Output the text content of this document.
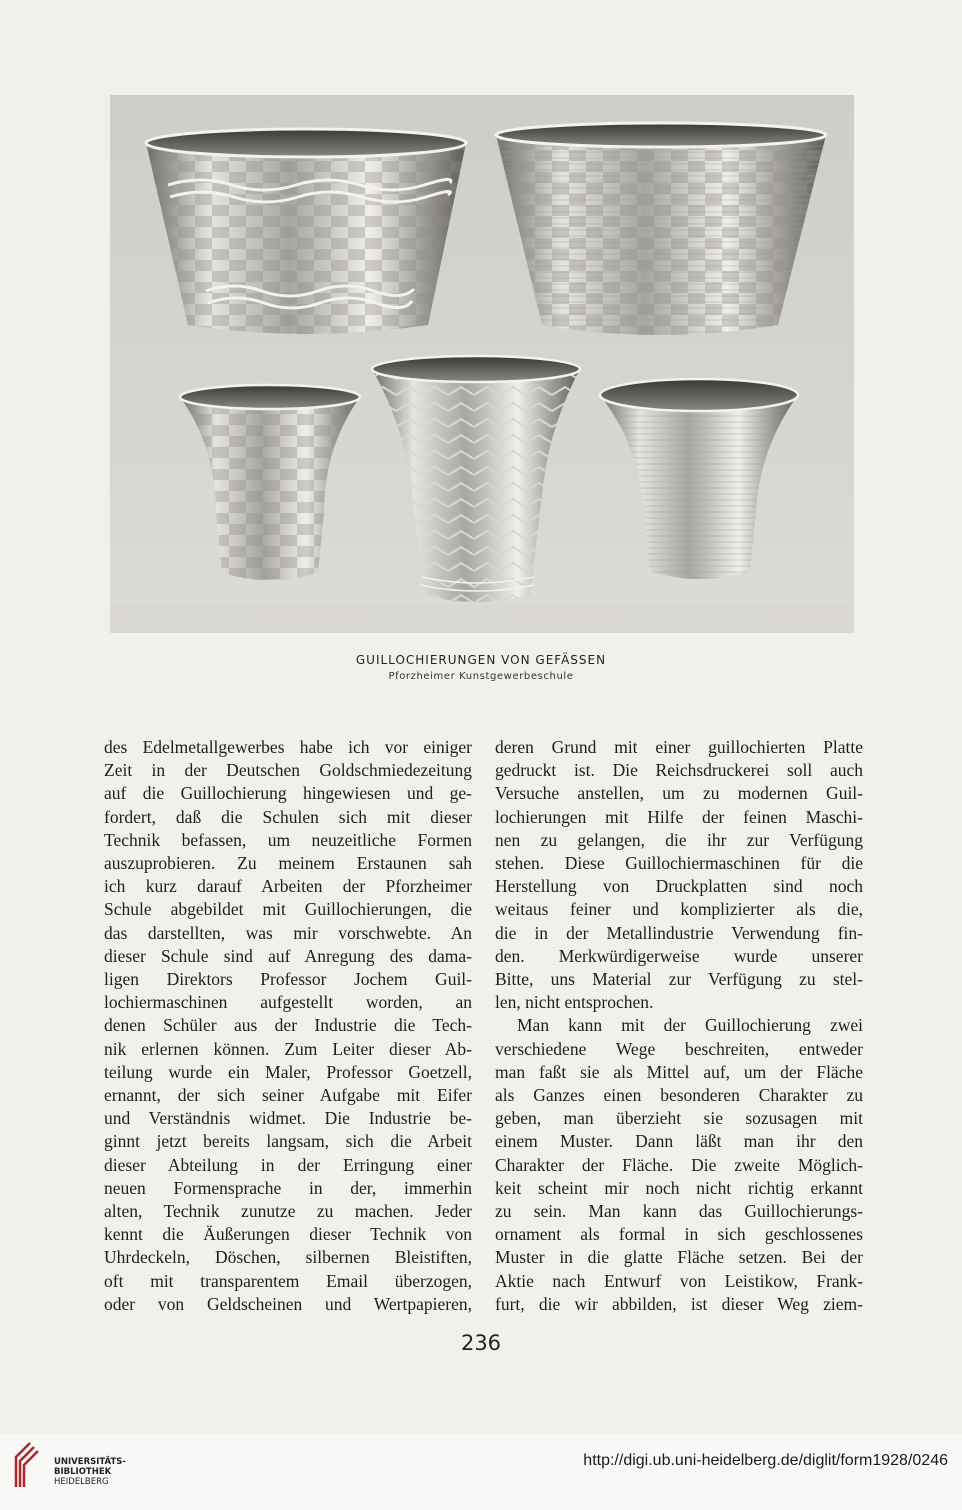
GUILLOCHIERUNGEN VON GEFÄSSEN
Pforzheimer Kunstgewerbeschule
des Edelmetallgewerbes habe ich vor einiger
Zeit in der Deutschen Goldschmiedezeitung
auf die Guillochierung hingewiesen und ge-
fordert, daß die Schulen sich mit dieser
Technik befassen, um neuzeitliche Formen
auszuprobieren. Zu meinem Erstaunen sah
ich kurz darauf Arbeiten der Pforzheimer
Schule abgebildet mit Guillochierungen, die
das darstellten, was mir vorschwebte. An
dieser Schule sind auf Anregung des dama-
ligen Direktors Professor Jochem Guil-
lochiermaschinen aufgestellt worden, an
denen Schüler aus der Industrie die Tech-
nik erlernen können. Zum Leiter dieser Ab-
teilung wurde ein Maler, Professor Goetzell,
ernannt, der sich seiner Aufgabe mit Eifer
und Verständnis widmet. Die Industrie be-
ginnt jetzt bereits langsam, sich die Arbeit
dieser Abteilung in der Erringung einer
neuen Formensprache in der, immerhin
alten, Technik zunutze zu machen. Jeder
kennt die Äußerungen dieser Technik von
Uhrdeckeln, Döschen, silbernen Bleistiften,
oft mit transparentem Email überzogen,
oder von Geldscheinen und Wertpapieren,
deren Grund mit einer guillochierten Platte
gedruckt ist. Die Reichsdruckerei soll auch
Versuche anstellen, um zu modernen Guil-
lochierungen mit Hilfe der feinen Maschi-
nen zu gelangen, die ihr zur Verfügung
stehen. Diese Guillochiermaschinen für die
Herstellung von Druckplatten sind noch
weitaus feiner und komplizierter als die,
die in der Metallindustrie Verwendung fin-
den. Merkwürdigerweise wurde unserer
Bitte, uns Material zur Verfügung zu stel-
len, nicht entsprochen.
Man kann mit der Guillochierung zwei
verschiedene Wege beschreiten, entweder
man faßt sie als Mittel auf, um der Fläche
als Ganzes einen besonderen Charakter zu
geben, man überzieht sie sozusagen mit
einem Muster. Dann läßt man ihr den
Charakter der Fläche. Die zweite Möglich-
keit scheint mir noch nicht richtig erkannt
zu sein. Man kann das Guillochierungs-
ornament als formal in sich geschlossenes
Muster in die glatte Fläche setzen. Bei der
Aktie nach Entwurf von Leistikow, Frank-
furt, die wir abbilden, ist dieser Weg ziem-
236
UNIVERSITÄTS-
BIBLIOTHEK
HEIDELBERG
http://digi.ub.uni-heidelberg.de/diglit/form1928/0246
